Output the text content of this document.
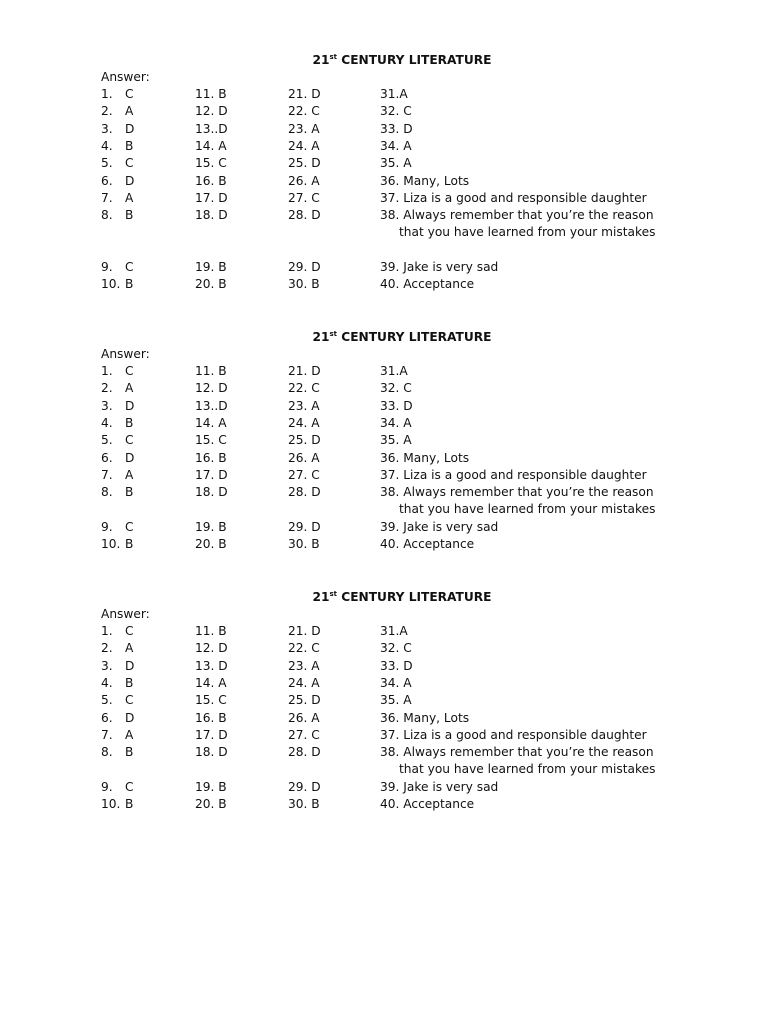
21st CENTURY LITERATURE
Answer:
1. C	11. B	21. D	31.A
2. A	12. D	22. C	32. C
3. D	13..D	23. A	33. D
4. B	14. A	24. A	34. A
5. C	15. C	25. D	35. A
6. D	16. B	26. A	36. Many, Lots
7. A	17. D	27. C	37. Liza is a good and responsible daughter
8. B	18. D	28. D	38. Always remember that you’re the reason
that you have learned from your mistakes
9. C	19. B	29. D	39. Jake is very sad
10. B	20. B	30. B	40. Acceptance
21st CENTURY LITERATURE
Answer:
1. C	11. B	21. D	31.A
2. A	12. D	22. C	32. C
3. D	13..D	23. A	33. D
4. B	14. A	24. A	34. A
5. C	15. C	25. D	35. A
6. D	16. B	26. A	36. Many, Lots
7. A	17. D	27. C	37. Liza is a good and responsible daughter
8. B	18. D	28. D	38. Always remember that you’re the reason
that you have learned from your mistakes
9. C	19. B	29. D	39. Jake is very sad
10. B	20. B	30. B	40. Acceptance
21st CENTURY LITERATURE
Answer:
1. C	11. B	21. D	31.A
2. A	12. D	22. C	32. C
3. D	13. D	23. A	33. D
4. B	14. A	24. A	34. A
5. C	15. C	25. D	35. A
6. D	16. B	26. A	36. Many, Lots
7. A	17. D	27. C	37. Liza is a good and responsible daughter
8. B	18. D	28. D	38. Always remember that you’re the reason
that you have learned from your mistakes
9. C	19. B	29. D	39. Jake is very sad
10. B	20. B	30. B	40. Acceptance
